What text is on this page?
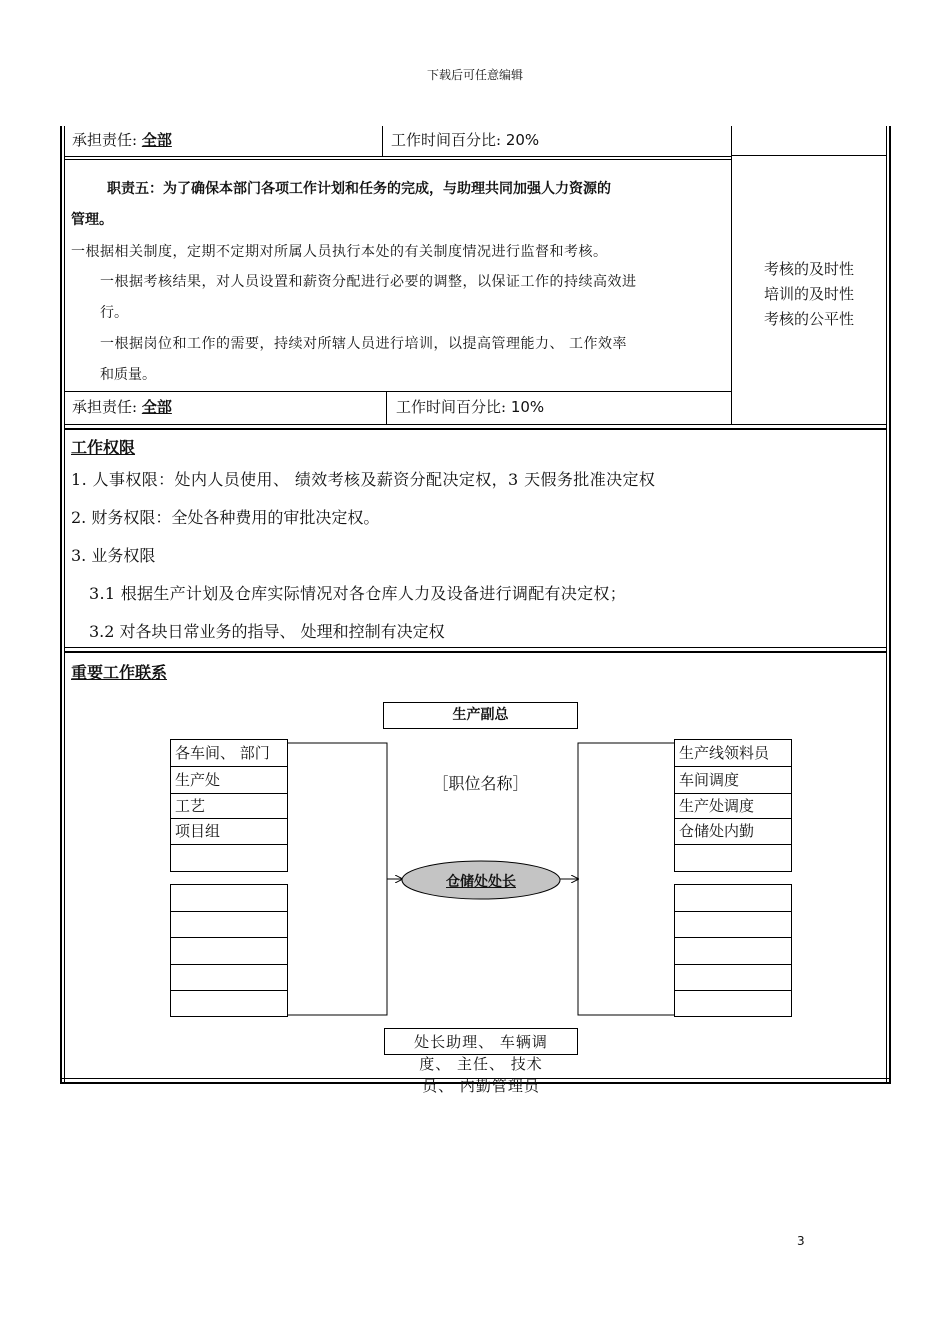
下载后可任意编辑
承担责任: 全部	工作时间百分比: 20%
职责五：为了确保本部门各项工作计划和任务的完成，与助理共同加强人力资源的
管理。
一根据相关制度，定期不定期对所属人员执行本处的有关制度情况进行监督和考核。
一根据考核结果，对人员设置和薪资分配进行必要的调整，以保证工作的持续高效进
行。
一根据岗位和工作的需要，持续对所辖人员进行培训，以提高管理能力、 工作效率
和质量。
考核的及时性
培训的及时性
考核的公平性
承担责任: 全部	工作时间百分比: 10%
工作权限
1. 人事权限：处内人员使用、 绩效考核及薪资分配决定权，3 天假务批准决定权
2. 财务权限：全处各种费用的审批决定权。
3. 业务权限
3.1 根据生产计划及仓库实际情况对各仓库人力及设备进行调配有决定权；
3.2 对各块日常业务的指导、 处理和控制有决定权
重要工作联系
生产副总
［职位名称］
各车间、 部门
生产处
工艺
项目组
生产线领料员
车间调度
生产处调度
仓储处内勤
仓储处处长
处长助理、 车辆调
度、 主任、 技术
员、 内勤管理员
3
